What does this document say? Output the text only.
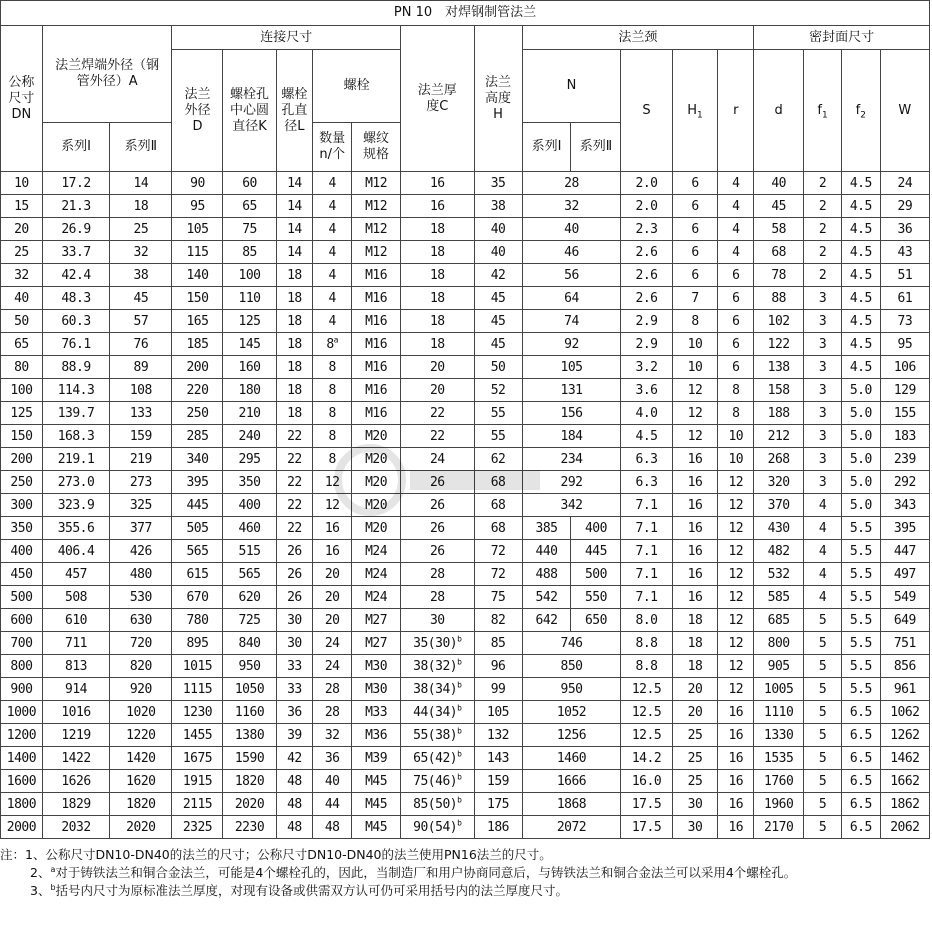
PN 10　对焊钢制管法兰																		
公称尺寸DN	法兰焊端外径（钢管外径）A		连接尺寸					法兰厚度C	法兰高度H	法兰颈					密封面尺寸			
			法兰外径D	螺栓孔中心圆直径K	螺栓孔直径L	螺栓				N		S	$H_1$	r	d	$f_1$	$f_2$	W
	系列Ⅰ	系列Ⅱ				数量n/个	螺纹规格			系列Ⅰ	系列Ⅱ							
10	17.2	14	90	60	14	4	M12	16	35	28		2.0	6	4	40	2	4.5	24
15	21.3	18	95	65	14	4	M12	16	38	32		2.0	6	4	45	2	4.5	29
20	26.9	25	105	75	14	4	M12	18	40	40		2.3	6	4	58	2	4.5	36
25	33.7	32	115	85	14	4	M12	18	40	46		2.6	6	4	68	2	4.5	43
32	42.4	38	140	100	18	4	M16	18	42	56		2.6	6	6	78	2	4.5	51
40	48.3	45	150	110	18	4	M16	18	45	64		2.6	7	6	88	3	4.5	61
50	60.3	57	165	125	18	4	M16	18	45	74		2.9	8	6	102	3	4.5	73
65	76.1	76	185	145	18	8$^a$	M16	18	45	92		2.9	10	6	122	3	4.5	95
80	88.9	89	200	160	18	8	M16	20	50	105		3.2	10	6	138	3	4.5	106
100	114.3	108	220	180	18	8	M16	20	52	131		3.6	12	8	158	3	5.0	129
125	139.7	133	250	210	18	8	M16	22	55	156		4.0	12	8	188	3	5.0	155
150	168.3	159	285	240	22	8	M20	22	55	184		4.5	12	10	212	3	5.0	183
200	219.1	219	340	295	22	8	M20	24	62	234		6.3	16	10	268	3	5.0	239
250	273.0	273	395	350	22	12	M20	26	68	292		6.3	16	12	320	3	5.0	292
300	323.9	325	445	400	22	12	M20	26	68	342		7.1	16	12	370	4	5.0	343
350	355.6	377	505	460	22	16	M20	26	68	385	400	7.1	16	12	430	4	5.5	395
400	406.4	426	565	515	26	16	M24	26	72	440	445	7.1	16	12	482	4	5.5	447
450	457	480	615	565	26	20	M24	28	72	488	500	7.1	16	12	532	4	5.5	497
500	508	530	670	620	26	20	M24	28	75	542	550	7.1	16	12	585	4	5.5	549
600	610	630	780	725	30	20	M27	30	82	642	650	8.0	18	12	685	5	5.5	649
700	711	720	895	840	30	24	M27	$35(30)^b$	85	746		8.8	18	12	800	5	5.5	751
800	813	820	1015	950	33	24	M30	$38(32)^b$	96	850		8.8	18	12	905	5	5.5	856
900	914	920	1115	1050	33	28	M30	$38(34)^b$	99	950		12.5	20	12	1005	5	5.5	961
1000	1016	1020	1230	1160	36	28	M33	$44(34)^b$	105	1052		12.5	20	16	1110	5	6.5	1062
1200	1219	1220	1455	1380	39	32	M36	$55(38)^b$	132	1256		12.5	25	16	1330	5	6.5	1262
1400	1422	1420	1675	1590	42	36	M39	$65(42)^b$	143	1460		14.2	25	16	1535	5	6.5	1462
1600	1626	1620	1915	1820	48	40	M45	$75(46)^b$	159	1666		16.0	25	16	1760	5	6.5	1662
1800	1829	1820	2115	2020	48	44	M45	$85(50)^b$	175	1868		17.5	30	16	1960	5	6.5	1862
2000	2032	2020	2325	2230	48	48	M45	$90(54)^b$	186	2072		17.5	30	16	2170	5	6.5	2062

注：1、公称尺寸DN10-DN40的法兰的尺寸；公称尺寸DN10-DN40的法兰使用PN16法兰的尺寸。

2、$^a$对于铸铁法兰和铜合金法兰，可能是4个螺栓孔的，因此，当制造厂和用户协商同意后，与铸铁法兰和铜合金法兰可以采用4个螺栓孔。

3、$^b$括号内尺寸为原标准法兰厚度，对现有设备或供需双方认可仍可采用括号内的法兰厚度尺寸。
